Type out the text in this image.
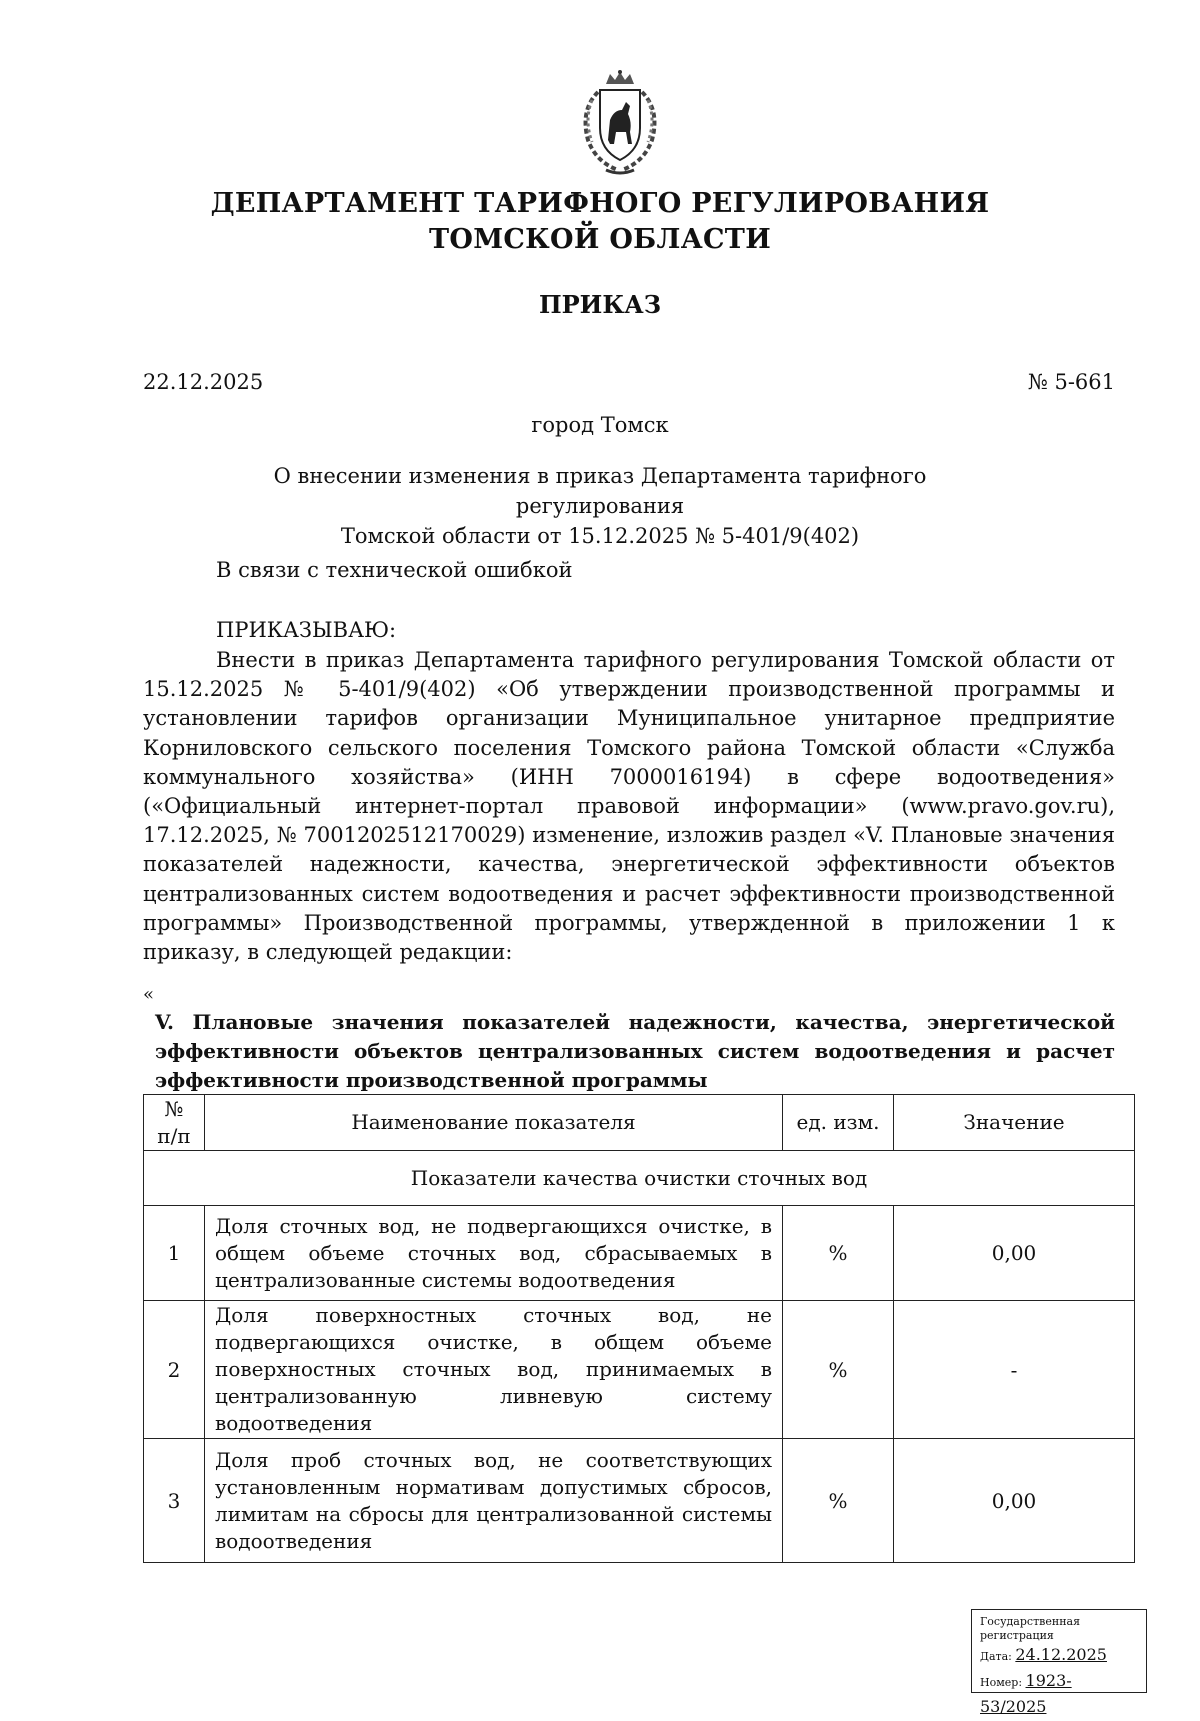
ДЕПАРТАМЕНТ ТАРИФНОГО РЕГУЛИРОВАНИЯ
ТОМСКОЙ ОБЛАСТИ
ПРИКАЗ
22.12.2025	№ 5-661
город Томск
О внесении изменения в приказ Департамента тарифного регулирования
Томской области от 15.12.2025 № 5-401/9(402)
В связи с технической ошибкой
ПРИКАЗЫВАЮ:
Внести в приказ Департамента тарифного регулирования Томской области от 15.12.2025 № 5-401/9(402) «Об утверждении производственной программы и установлении тарифов организации Муниципальное унитарное предприятие Корниловского сельского поселения Томского района Томской области «Служба коммунального хозяйства» (ИНН 7000016194) в сфере водоотведения» («Официальный интернет-портал правовой информации» (www.pravo.gov.ru), 17.12.2025, № 7001202512170029) изменение, изложив раздел «V. Плановые значения показателей надежности, качества, энергетической эффективности объектов централизованных систем водоотведения и расчет эффективности производственной программы» Производственной программы, утвержденной в приложении 1 к приказу, в следующей редакции:
«
V. Плановые значения показателей надежности, качества, энергетической эффективности объектов централизованных систем водоотведения и расчет эффективности производственной программы
№ п/п	Наименование показателя	ед. изм.	Значение
Показатели качества очистки сточных вод			
1	Доля сточных вод, не подвергающихся очистке, в общем объеме сточных вод, сбрасываемых в централизованные системы водоотведения	%	0,00
2	Доля поверхностных сточных вод, не подвергающихся очистке, в общем объеме поверхностных сточных вод, принимаемых в централизованную ливневую систему водоотведения	%	-
3	Доля проб сточных вод, не соответствующих установленным нормативам допустимых сбросов, лимитам на сбросы для централизованной системы водоотведения	%	0,00
Государственная регистрация
Дата: 24.12.2025
Номер: 1923-53/2025
